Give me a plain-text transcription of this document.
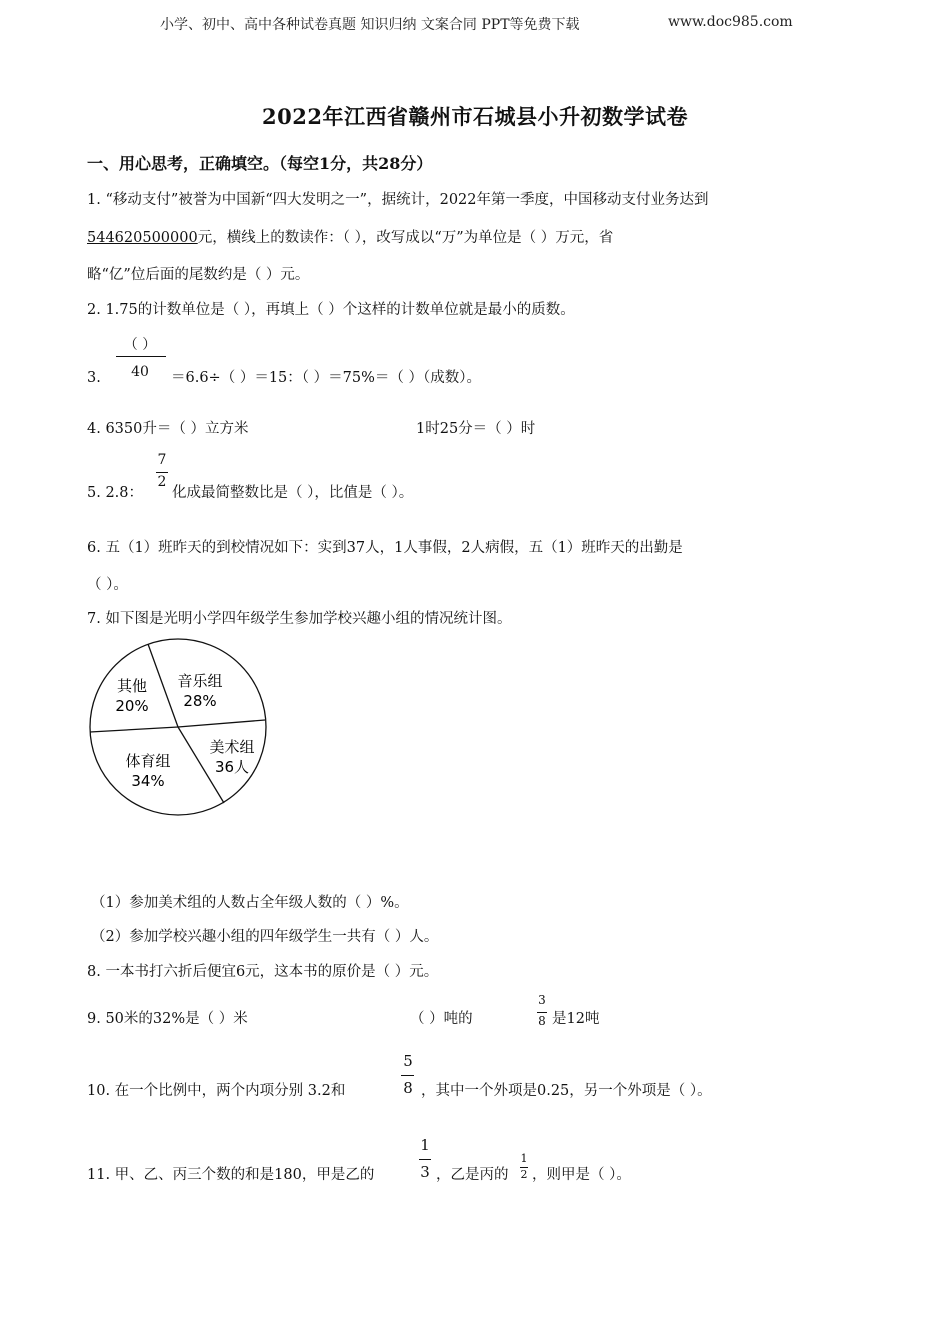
小学、初中、高中各种试卷真题 知识归纳 文案合同 PPT等免费下载	www.doc985.com
2022年江西省赣州市石城县小升初数学试卷
一、用心思考，正确填空。（每空1分，共28分）
1. “移动支付”被誉为中国新“四大发明之一”，据统计，2022年第一季度，中国移动支付业务达到
544620500000元，横线上的数读作：（ ），改写成以“万”为单位是（ ）万元，省
略“亿”位后面的尾数约是（ ）元。
2. 1.75的计数单位是（ ），再填上（ ）个这样的计数单位就是最小的质数。
（ ）
40
3.	＝6.6÷（ ）＝15：（ ）＝75%＝（ ）（成数）。
4. 6350升＝（ ）立方米	1时25分＝（ ）时
7
2
5. 2.8： 化成最简整数比是（ ），比值是（ ）。
6. 五（1）班昨天的到校情况如下：实到37人，1人事假，2人病假，五（1）班昨天的出勤是
（ ）。
7. 如下图是光明小学四年级学生参加学校兴趣小组的情况统计图。
音乐组
28%
美术组
36人
体育组
34%
其他
20%
（1）参加美术组的人数占全年级人数的（ ）%。
（2）参加学校兴趣小组的四年级学生一共有（ ）人。
8. 一本书打六折后便宜6元，这本书的原价是（ ）元。
9. 50米的32%是（ ）米	（ ）吨的
3
8 是12吨
10. 在一个比例中，两个内项分别 3.2和
5
8 ，其中一个外项是0.25，另一个外项是（ ）。
11. 甲、乙、丙三个数的和是180，甲是乙的
1
3 ，乙是丙的
1
2 ，则甲是（ ）。
